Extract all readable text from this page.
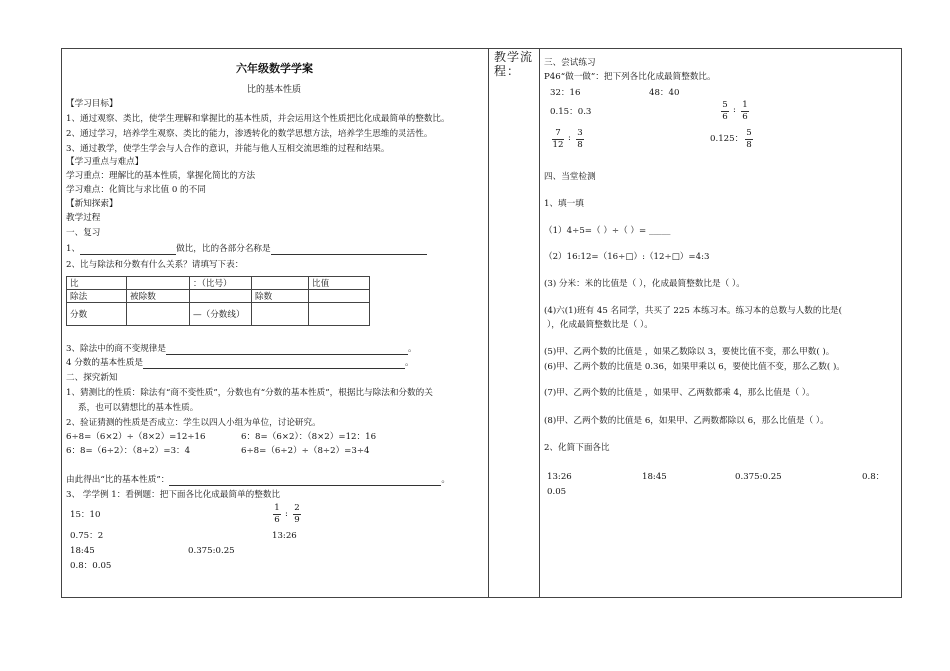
六年级数学学案
比的基本性质
【学习目标】
1、通过观察、类比，使学生理解和掌握比的基本性质，并会运用这个性质把比化成最简单的整数比。
2、通过学习，培养学生观察、类比的能力，渗透转化的数学思想方法，培养学生思维的灵活性。
3、通过教学，使学生学会与人合作的意识，并能与他人互相交流思维的过程和结果。
【学习重点与难点】
学习重点：理解比的基本性质，掌握化简比的方法
学习难点：化简比与求比值 0 的不同
【新知探索】
教学过程
一、复习
1、	做比，比的各部分名称是
2、比与除法和分数有什么关系？请填写下表：
比		：（比号）		比值
除法	被除数		除数	
分数		—（分数线）		
3、除法中的商不变规律是	。
4 分数的基本性质是	。
二、探究新知
1、猜测比的性质：除法有“商不变性质”，分数也有“分数的基本性质”，根据比与除法和分数的关
系，也可以猜想比的基本性质。
2、验证猜测的性质是否成立：学生以四人小组为单位，讨论研究。
6÷8=（6×2）÷（8×2）=12÷16	6：8=（6×2）：（8×2）=12：16
6：8=（6÷2）：（8÷2）=3：4	6÷8=（6÷2）÷（8÷2）=3÷4
由此得出“比的基本性质”：	。
3、 学学例 1：看例题：把下面各比化成最简单的整数比
15：10
1
6
:
2
9
0.75：2	13:26
18:45	0.375:0.25
0.8：0.05
教学流程：
三、尝试练习
P46“做一做”：把下列各比化成最简整数比。
32：16	48：40
0.15：0.3
5
6
: 1
6
7
12
: 3
8
0.125：
5
8
四、当堂检测
1、填一填
（1）4÷5=（ ）÷（ ）= _____
（2）16:12=（16÷□）:（12÷□）=4:3
(3) 分米：米的比值是（ ），化成最简整数比是（ ）。
(4)六(1)班有 45 名同学，共买了 225 本练习本。练习本的总数与人数的比是(
），化成最简整数比是（ ）。
(5)甲、乙两个数的比值是 ，如果乙数除以 3，要使比值不变，那么甲数( )。
(6)甲、乙两个数的比值是 0.36，如果甲乘以 6，要使比值不变，那么乙数( )。
(7)甲、乙两个数的比值是 ，如果甲、乙两数都乘 4，那么比值是（ ）。
(8)甲、乙两个数的比值是 6，如果甲、乙两数都除以 6，那么比值是（ ）。
2、化简下面各比
13:26	18:45	0.375:0.25	0.8：
0.05
